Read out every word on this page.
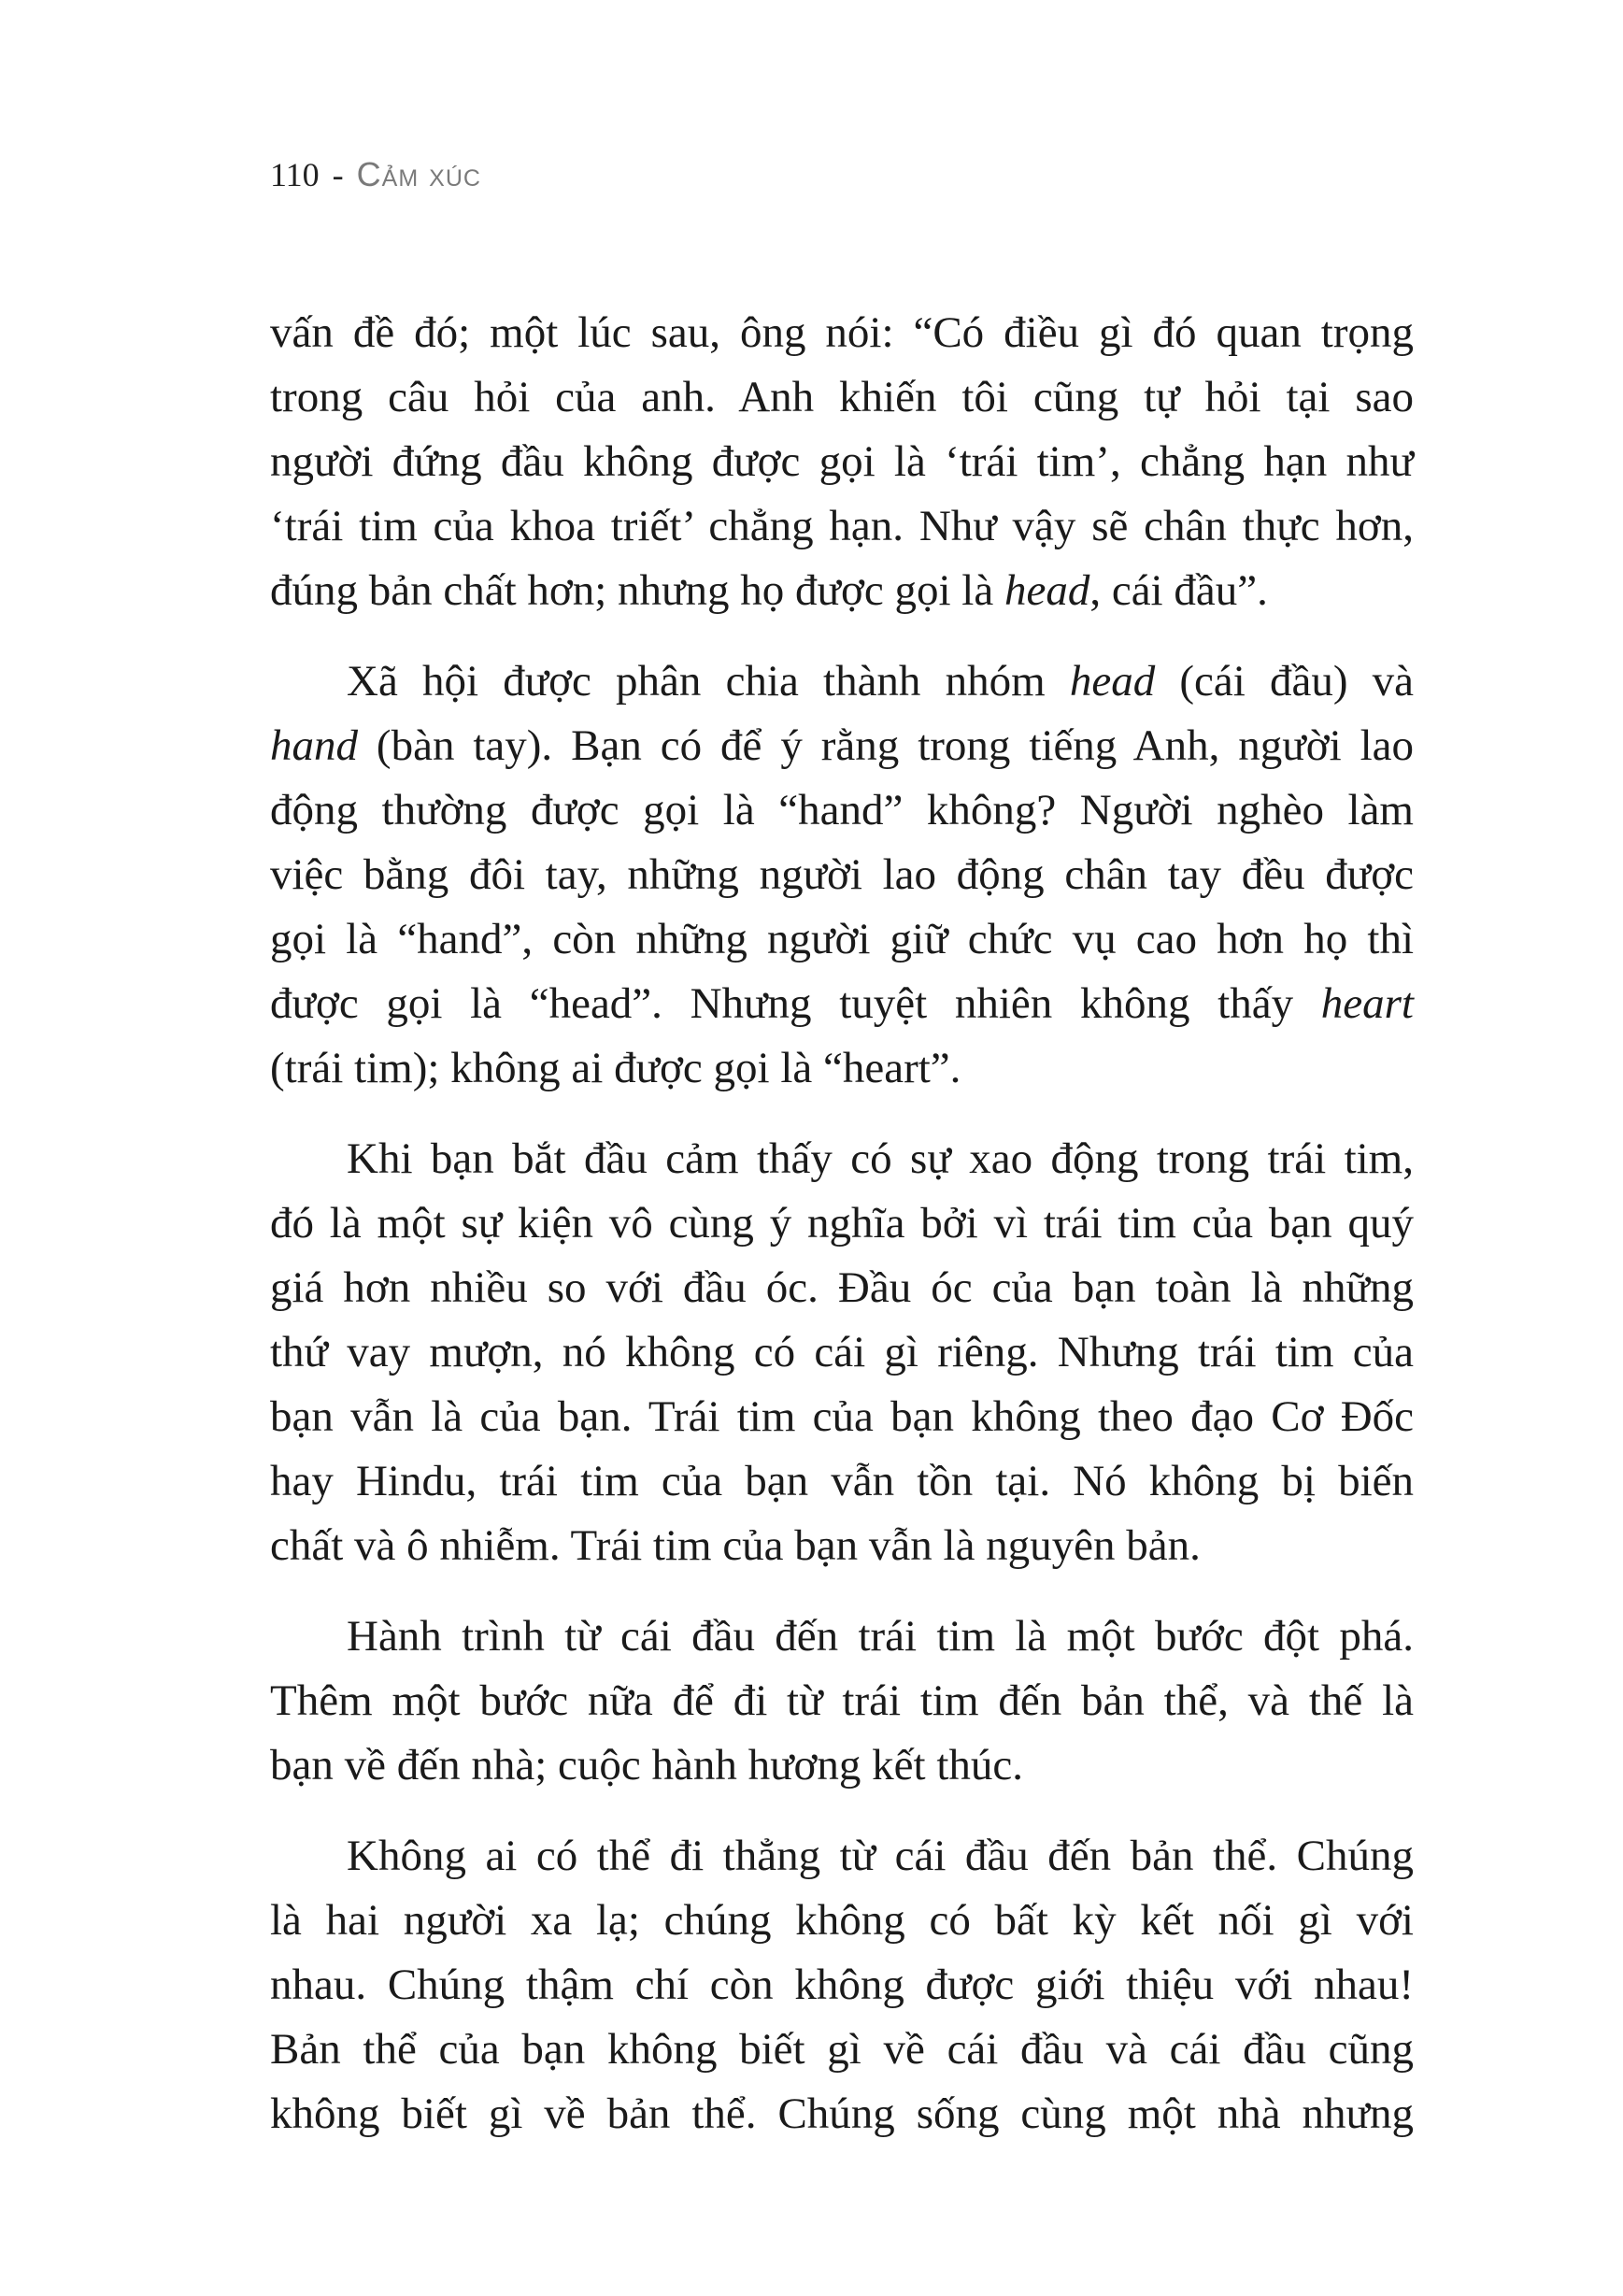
110 - Cảm xúc
vấn đề đó; một lúc sau, ông nói: “Có điều gì đó quan trọng
trong câu hỏi của anh. Anh khiến tôi cũng tự hỏi tại sao
người đứng đầu không được gọi là ‘trái tim’, chẳng hạn như
‘trái tim của khoa triết’ chẳng hạn. Như vậy sẽ chân thực hơn,
đúng bản chất hơn; nhưng họ được gọi là head, cái đầu”.
Xã hội được phân chia thành nhóm head (cái đầu) và
hand (bàn tay). Bạn có để ý rằng trong tiếng Anh, người lao
động thường được gọi là “hand” không? Người nghèo làm
việc bằng đôi tay, những người lao động chân tay đều được
gọi là “hand”, còn những người giữ chức vụ cao hơn họ thì
được gọi là “head”. Nhưng tuyệt nhiên không thấy heart
(trái tim); không ai được gọi là “heart”.
Khi bạn bắt đầu cảm thấy có sự xao động trong trái tim,
đó là một sự kiện vô cùng ý nghĩa bởi vì trái tim của bạn quý
giá hơn nhiều so với đầu óc. Đầu óc của bạn toàn là những
thứ vay mượn, nó không có cái gì riêng. Nhưng trái tim của
bạn vẫn là của bạn. Trái tim của bạn không theo đạo Cơ Đốc
hay Hindu, trái tim của bạn vẫn tồn tại. Nó không bị biến
chất và ô nhiễm. Trái tim của bạn vẫn là nguyên bản.
Hành trình từ cái đầu đến trái tim là một bước đột phá.
Thêm một bước nữa để đi từ trái tim đến bản thể, và thế là
bạn về đến nhà; cuộc hành hương kết thúc.
Không ai có thể đi thẳng từ cái đầu đến bản thể. Chúng
là hai người xa lạ; chúng không có bất kỳ kết nối gì với
nhau. Chúng thậm chí còn không được giới thiệu với nhau!
Bản thể của bạn không biết gì về cái đầu và cái đầu cũng
không biết gì về bản thể. Chúng sống cùng một nhà nhưng
